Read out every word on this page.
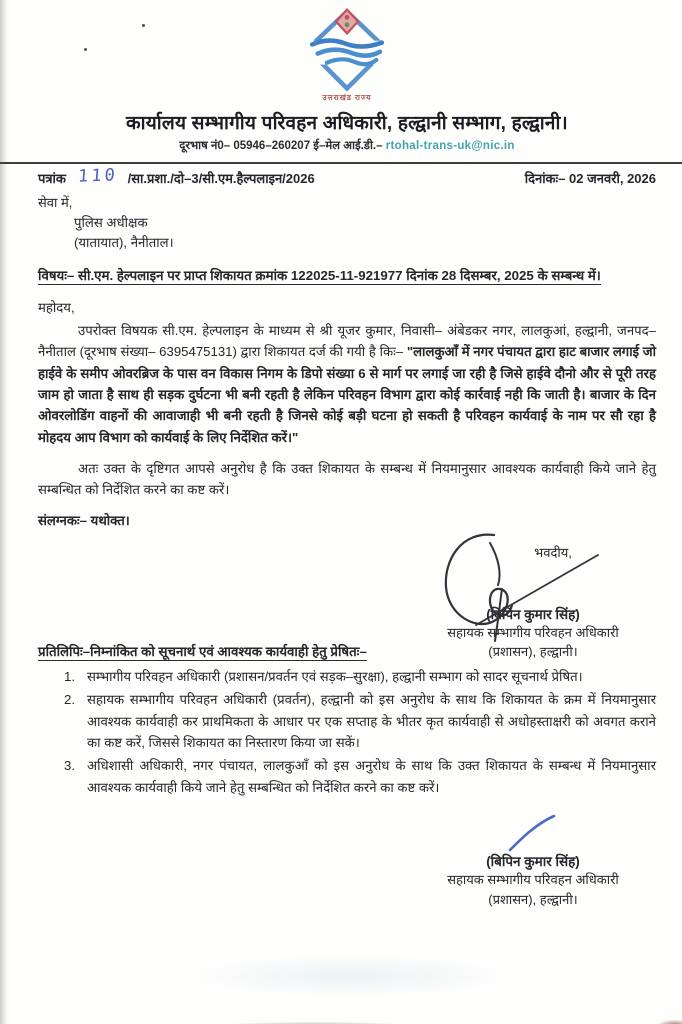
उत्तराखंड राज्य
कार्यालय सम्भागीय परिवहन अधिकारी, हल्द्वानी सम्भाग, हल्द्वानी।
दूरभाष नं0– 05946–260207 ई–मेल आई.डी.– rtohal-trans-uk@nic.in
पत्रांक 110 /सा.प्रशा./दो–3/सी.एम.हैल्पलाइन/2026	दिनांकः– 02 जनवरी, 2026
सेवा में,
पुलिस अधीक्षक
(यातायात), नैनीताल।
विषयः– सी.एम. हेल्पलाइन पर प्राप्त शिकायत क्रमांक 122025-11-921977 दिनांक 28 दिसम्बर, 2025 के सम्बन्ध में।
महोदय,

उपरोक्त विषयक सी.एम. हेल्पलाइन के माध्यम से श्री यूजर कुमार, निवासी– अंबेडकर नगर, लालकुआं, हल्द्वानी, जनपद– नैनीताल (दूरभाष संख्या– 6395475131) द्वारा शिकायत दर्ज की गयी है किः– "लालकुआँ में नगर पंचायत द्वारा हाट बाजार लगाई जो हाईवे के समीप ओवरब्रिज के पास वन विकास निगम के डिपो संख्या 6 से मार्ग पर लगाई जा रही है जिसे हाईवे दौनो और से पूरी तरह जाम हो जाता है साथ ही सड़क दुर्घटना भी बनी रहती है लेकिन परिवहन विभाग द्वारा कोई कार्रवाई नही कि जाती है। बाजार के दिन ओवरलोडिंग वाहनों की आवाजाही भी बनी रहती है जिनसे कोई बड़ी घटना हो सकती है परिवहन कार्यवाई के नाम पर सौ रहा है मोहदय आप विभाग को कार्यवाई के लिए निर्देशित करें।"

अतः उक्त के दृष्टिगत आपसे अनुरोध है कि उक्त शिकायत के सम्बन्ध में नियमानुसार आवश्यक कार्यवाही किये जाने हेतु सम्बन्धित को निर्देशित करने का कष्ट करें।

संलग्नकः– यथोक्त।
भवदीय,
(बिपिन कुमार सिंह)
सहायक सम्भागीय परिवहन अधिकारी
(प्रशासन), हल्द्वानी।
प्रतिलिपिः–निम्नांकित को सूचनार्थ एवं आवश्यक कार्यवाही हेतु प्रेषितः–
1. सम्भागीय परिवहन अधिकारी (प्रशासन/प्रवर्तन एवं सड़क–सुरक्षा), हल्द्वानी सम्भाग को सादर सूचनार्थ प्रेषित।
2. सहायक सम्भागीय परिवहन अधिकारी (प्रवर्तन), हल्द्वानी को इस अनुरोध के साथ कि शिकायत के क्रम में नियमानुसार आवश्यक कार्यवाही कर प्राथमिकता के आधार पर एक सप्ताह के भीतर कृत कार्यवाही से अधोहस्ताक्षरी को अवगत कराने का कष्ट करें, जिससे शिकायत का निस्तारण किया जा सकें।
3. अधिशासी अधिकारी, नगर पंचायत, लालकुआँ को इस अनुरोध के साथ कि उक्त शिकायत के सम्बन्ध में नियमानुसार आवश्यक कार्यवाही किये जाने हेतु सम्बन्धित को निर्देशित करने का कष्ट करें।
(बिपिन कुमार सिंह)
सहायक सम्भागीय परिवहन अधिकारी
(प्रशासन), हल्द्वानी।
